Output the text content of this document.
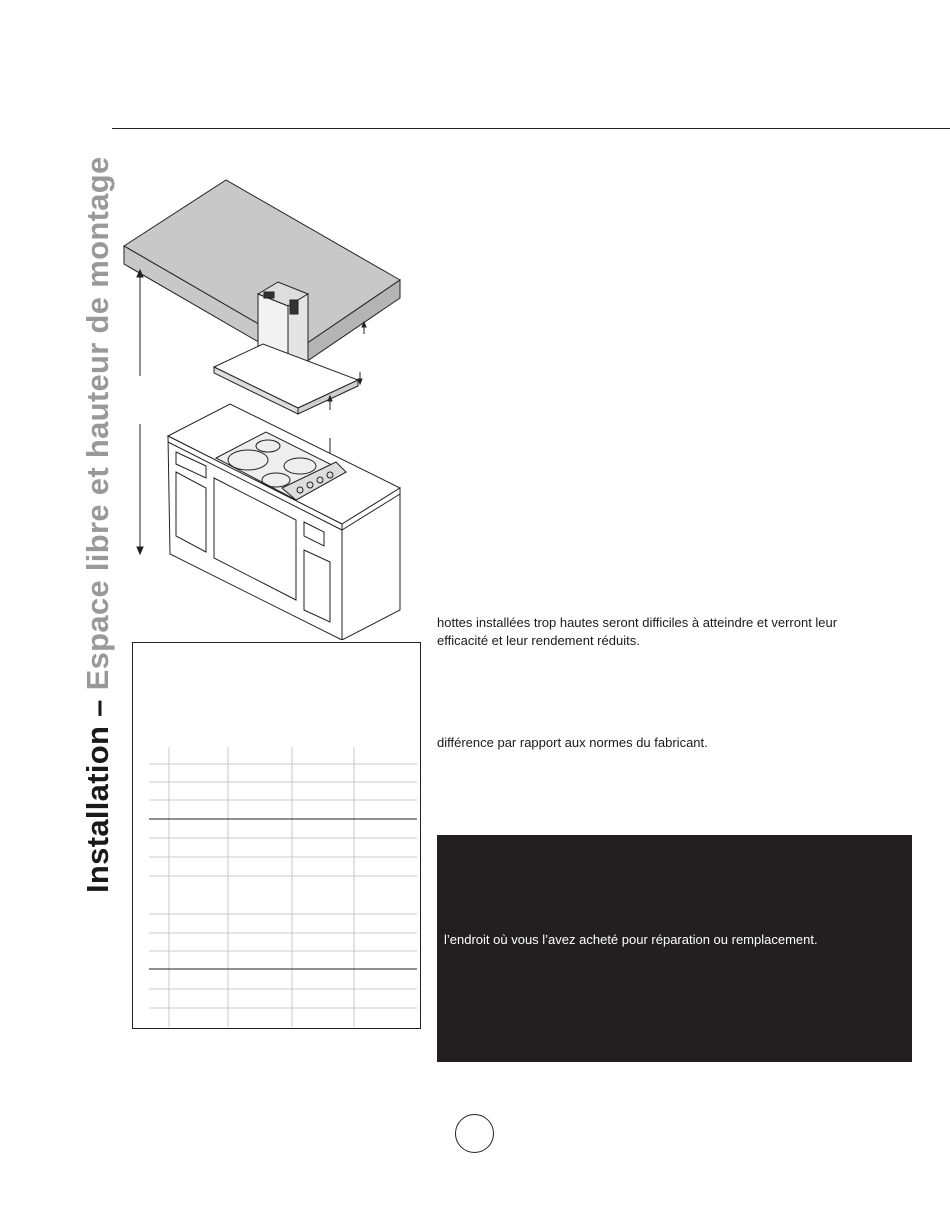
Installation – Espace libre et hauteur de montage	hottes installées trop hautes seront difficiles à atteindre et verront leur efficacité et leur rendement réduits.
différence par rapport aux normes du fabricant.
l’endroit où vous l’avez acheté pour réparation ou remplacement.
